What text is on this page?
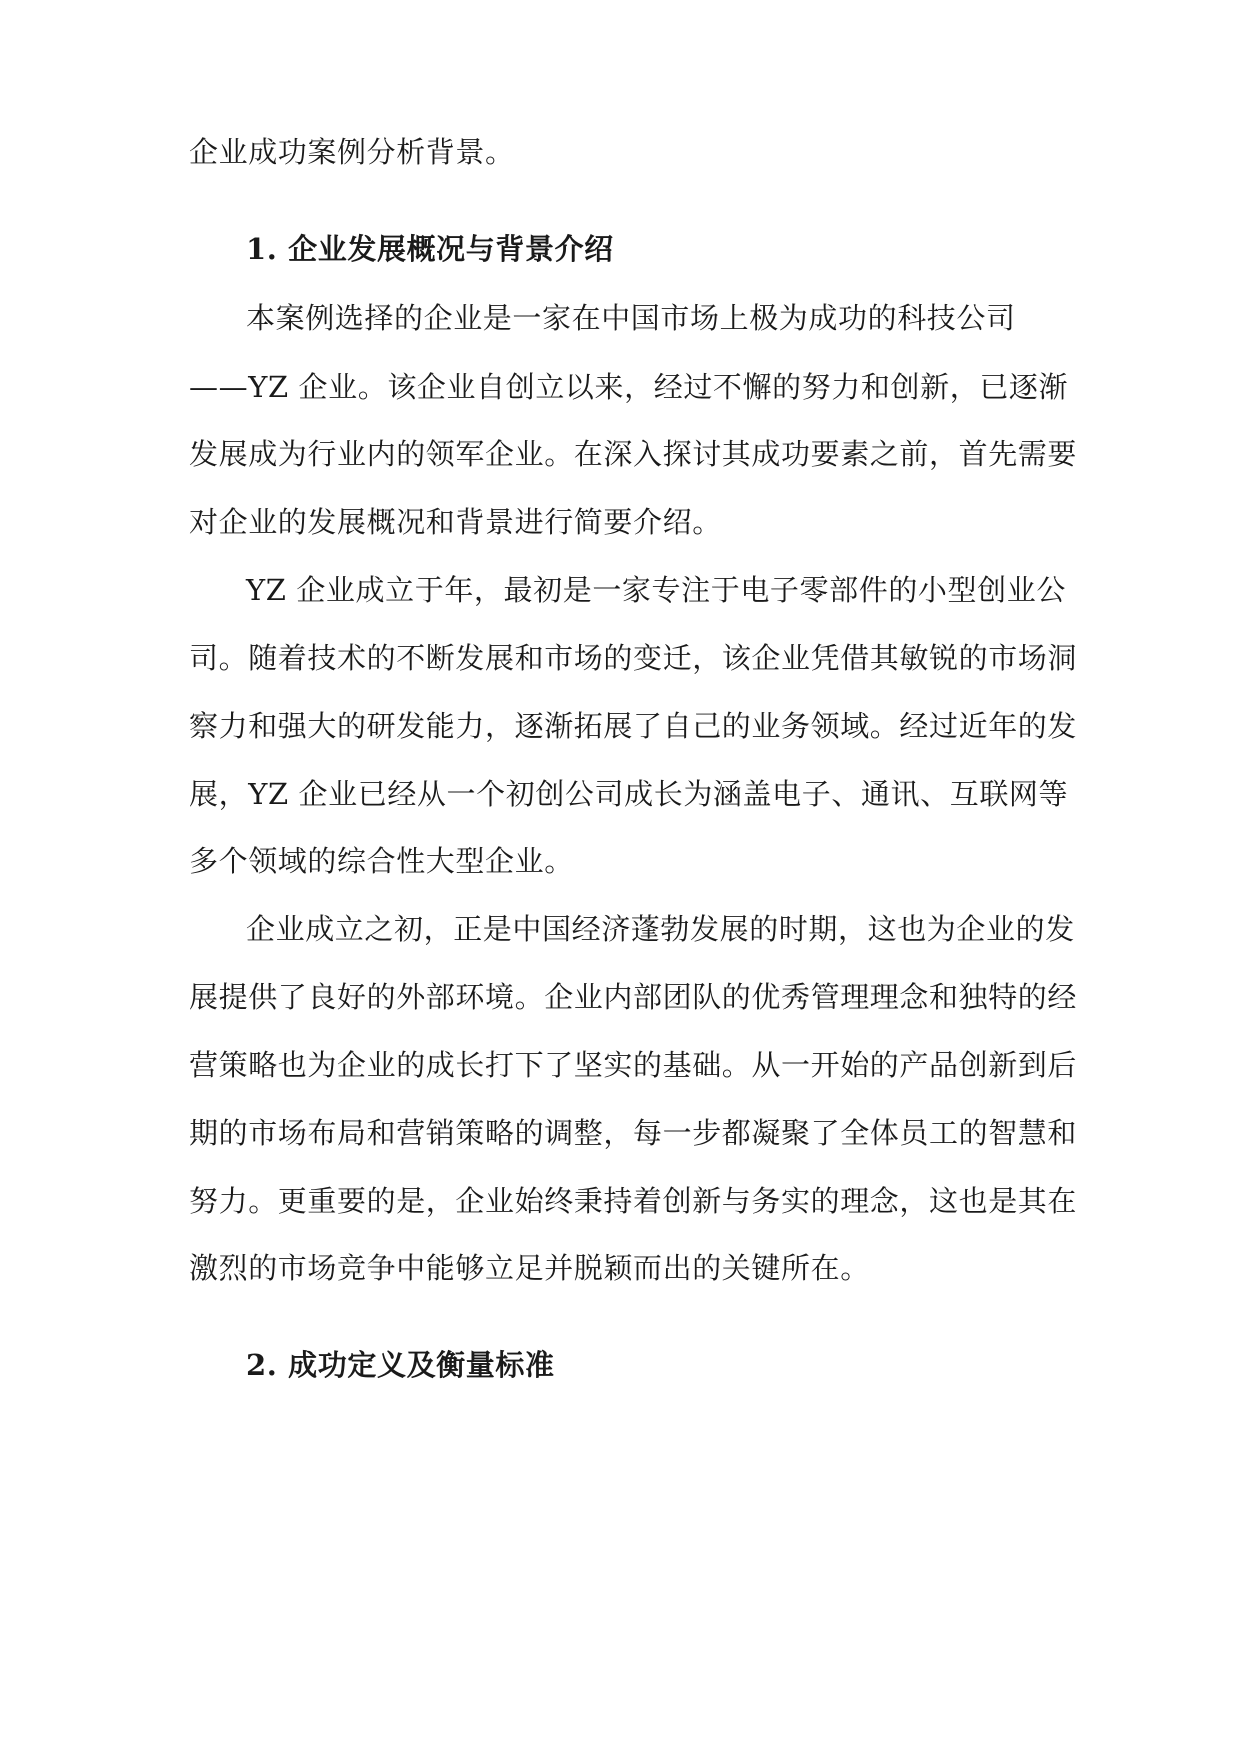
企业成功案例分析背景。
1. 企业发展概况与背景介绍
本案例选择的企业是一家在中国市场上极为成功的科技公司
——YZ 企业。该企业自创立以来，经过不懈的努力和创新，已逐渐
发展成为行业内的领军企业。在深入探讨其成功要素之前，首先需要
对企业的发展概况和背景进行简要介绍。
YZ 企业成立于年，最初是一家专注于电子零部件的小型创业公
司。随着技术的不断发展和市场的变迁，该企业凭借其敏锐的市场洞
察力和强大的研发能力，逐渐拓展了自己的业务领域。经过近年的发
展，YZ 企业已经从一个初创公司成长为涵盖电子、通讯、互联网等
多个领域的综合性大型企业。
企业成立之初，正是中国经济蓬勃发展的时期，这也为企业的发
展提供了良好的外部环境。企业内部团队的优秀管理理念和独特的经
营策略也为企业的成长打下了坚实的基础。从一开始的产品创新到后
期的市场布局和营销策略的调整，每一步都凝聚了全体员工的智慧和
努力。更重要的是，企业始终秉持着创新与务实的理念，这也是其在
激烈的市场竞争中能够立足并脱颖而出的关键所在。
2. 成功定义及衡量标准
